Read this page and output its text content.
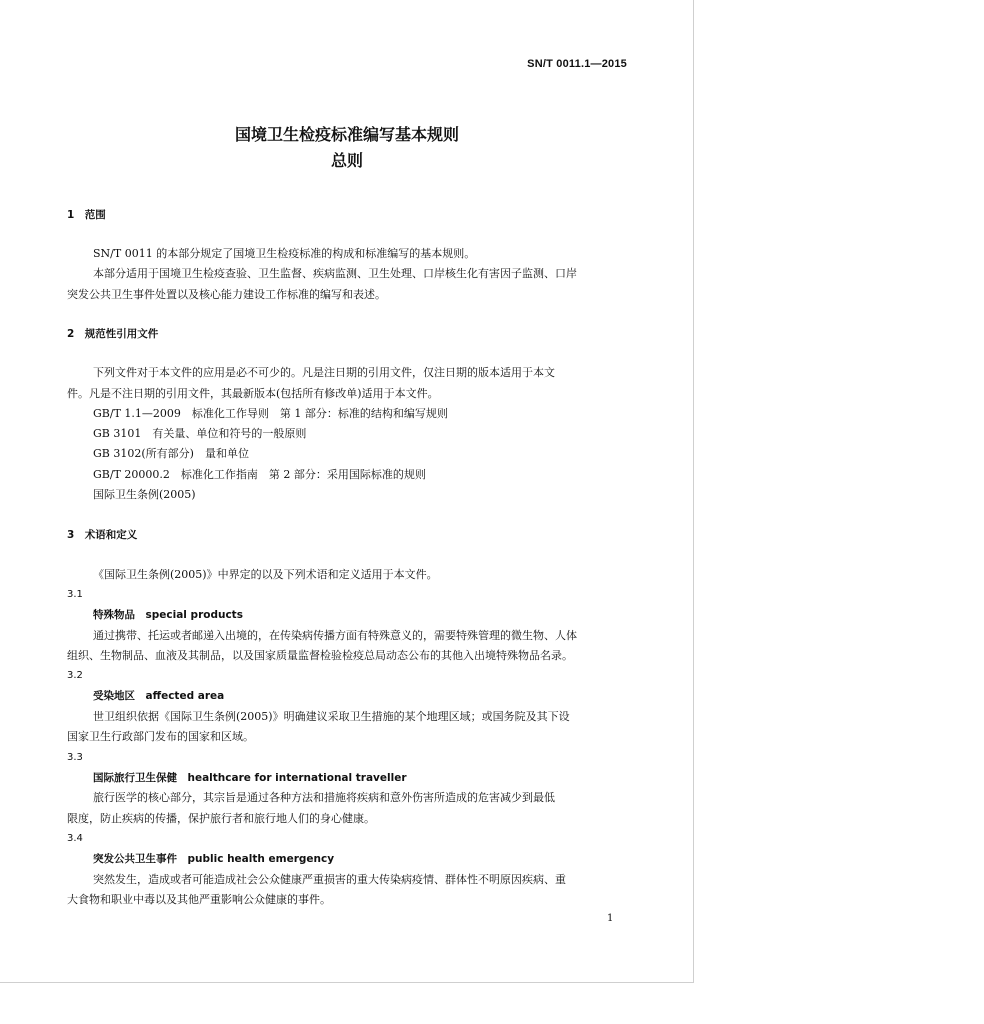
SN/T 0011.1—2015
国境卫生检疫标准编写基本规则
总则
1　范围
SN/T 0011 的本部分规定了国境卫生检疫标准的构成和标准编写的基本规则。
本部分适用于国境卫生检疫查验、卫生监督、疾病监测、卫生处理、口岸核生化有害因子监测、口岸
突发公共卫生事件处置以及核心能力建设工作标准的编写和表述。
2　规范性引用文件
下列文件对于本文件的应用是必不可少的。凡是注日期的引用文件，仅注日期的版本适用于本文
件。凡是不注日期的引用文件，其最新版本(包括所有修改单)适用于本文件。
GB/T 1.1—2009　标准化工作导则　第 1 部分：标准的结构和编写规则
GB 3101　有关量、单位和符号的一般原则
GB 3102(所有部分)　量和单位
GB/T 20000.2　标准化工作指南　第 2 部分：采用国际标准的规则
国际卫生条例(2005)
3　术语和定义
《国际卫生条例(2005)》中界定的以及下列术语和定义适用于本文件。
3.1
特殊物品　special products
通过携带、托运或者邮递入出境的，在传染病传播方面有特殊意义的，需要特殊管理的微生物、人体
组织、生物制品、血液及其制品，以及国家质量监督检验检疫总局动态公布的其他入出境特殊物品名录。
3.2
受染地区　affected area
世卫组织依据《国际卫生条例(2005)》明确建议采取卫生措施的某个地理区域；或国务院及其下设
国家卫生行政部门发布的国家和区域。
3.3
国际旅行卫生保健　healthcare for international traveller
旅行医学的核心部分，其宗旨是通过各种方法和措施将疾病和意外伤害所造成的危害减少到最低
限度，防止疾病的传播，保护旅行者和旅行地人们的身心健康。
3.4
突发公共卫生事件　public health emergency
突然发生，造成或者可能造成社会公众健康严重损害的重大传染病疫情、群体性不明原因疾病、重
大食物和职业中毒以及其他严重影响公众健康的事件。
1
